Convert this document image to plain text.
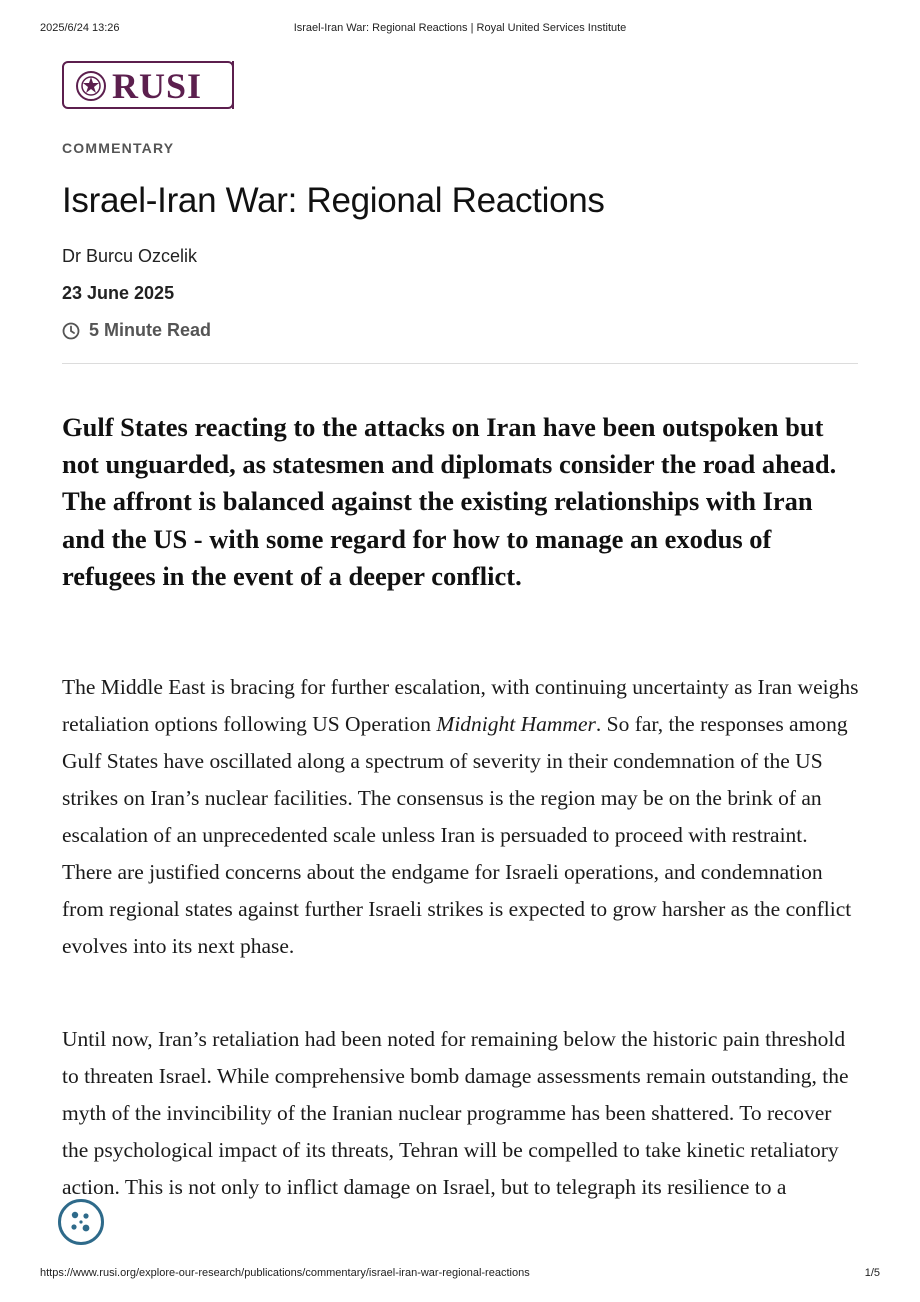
2025/6/24 13:26	Israel-Iran War: Regional Reactions | Royal United Services Institute
RUSI
COMMENTARY
Israel-Iran War: Regional Reactions
Dr Burcu Ozcelik
23 June 2025
5 Minute Read

Gulf States reacting to the attacks on Iran have been outspoken but not unguarded, as statesmen and diplomats consider the road ahead. The affront is balanced against the existing relationships with Iran and the US - with some regard for how to manage an exodus of refugees in the event of a deeper conflict.

The Middle East is bracing for further escalation, with continuing uncertainty as Iran weighs retaliation options following US Operation Midnight Hammer. So far, the responses among Gulf States have oscillated along a spectrum of severity in their condemnation of the US strikes on Iran’s nuclear facilities. The consensus is the region may be on the brink of an escalation of an unprecedented scale unless Iran is persuaded to proceed with restraint. There are justified concerns about the endgame for Israeli operations, and condemnation from regional states against further Israeli strikes is expected to grow harsher as the conflict evolves into its next phase.

Until now, Iran’s retaliation had been noted for remaining below the historic pain threshold to threaten Israel. While comprehensive bomb damage assessments remain outstanding, the myth of the invincibility of the Iranian nuclear programme has been shattered. To recover the psychological impact of its threats, Tehran will be compelled to take kinetic retaliatory action. This is not only to inflict damage on Israel, but to telegraph its resilience to a

https://www.rusi.org/explore-our-research/publications/commentary/israel-iran-war-regional-reactions	1/5
